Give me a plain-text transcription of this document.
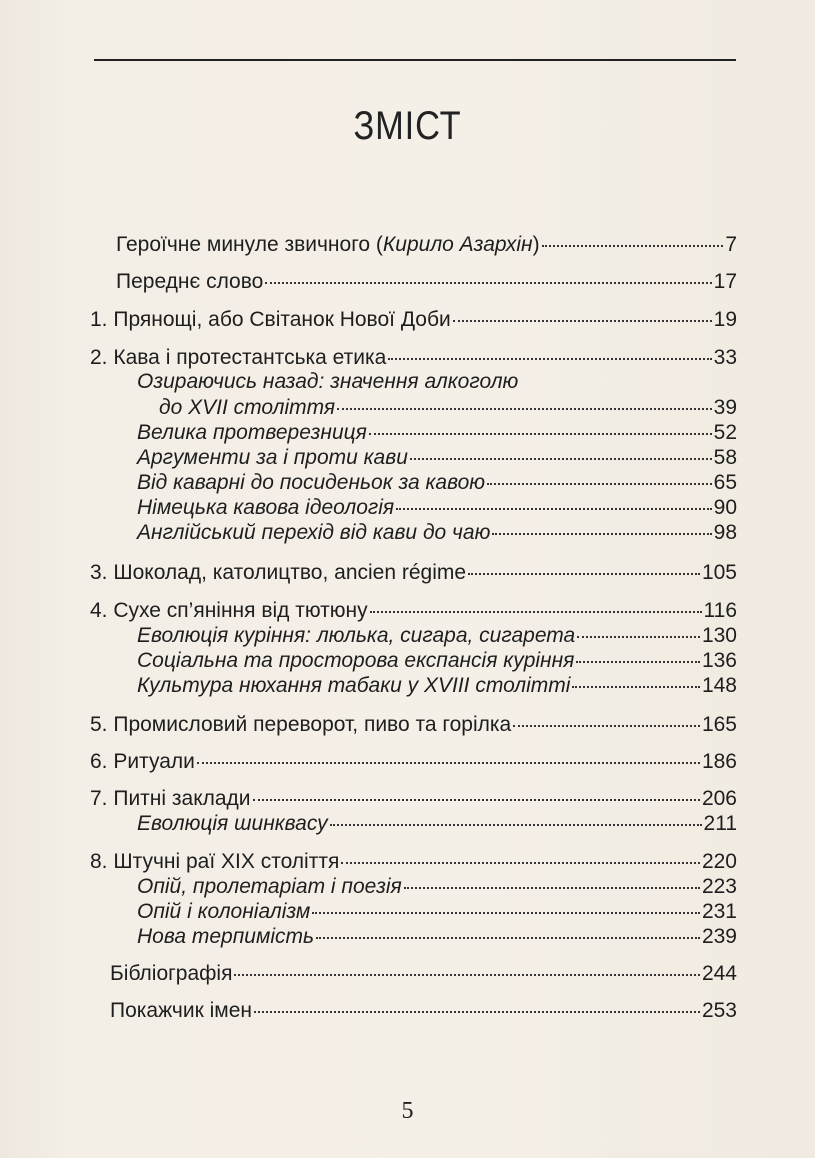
ЗМІСТ
Героїчне минуле звичного (Кирило Азархін)	7
Переднє слово	17
1. Прянощі, або Світанок Нової Доби	19
2. Кава і протестантська етика	33
Озираючись назад: значення алкоголю
до XVII століття	39
Велика протверезниця	52
Аргументи за і проти кави	58
Від каварні до посиденьок за кавою	65
Німецька кавова ідеологія	90
Англійський перехід від кави до чаю	98
3. Шоколад, католицтво, ancien régime	105
4. Сухе сп’яніння від тютюну	116
Еволюція куріння: люлька, сигара, сигарета	130
Соціальна та просторова експансія куріння	136
Культура нюхання табаки у XVIII столітті	148
5. Промисловий переворот, пиво та горілка	165
6. Ритуали	186
7. Питні заклади	206
Еволюція шинквасу	211
8. Штучні раї XIX століття	220
Опій, пролетаріат і поезія	223
Опій і колоніалізм	231
Нова терпимість	239
Бібліографія	244
Покажчик імен	253
5
